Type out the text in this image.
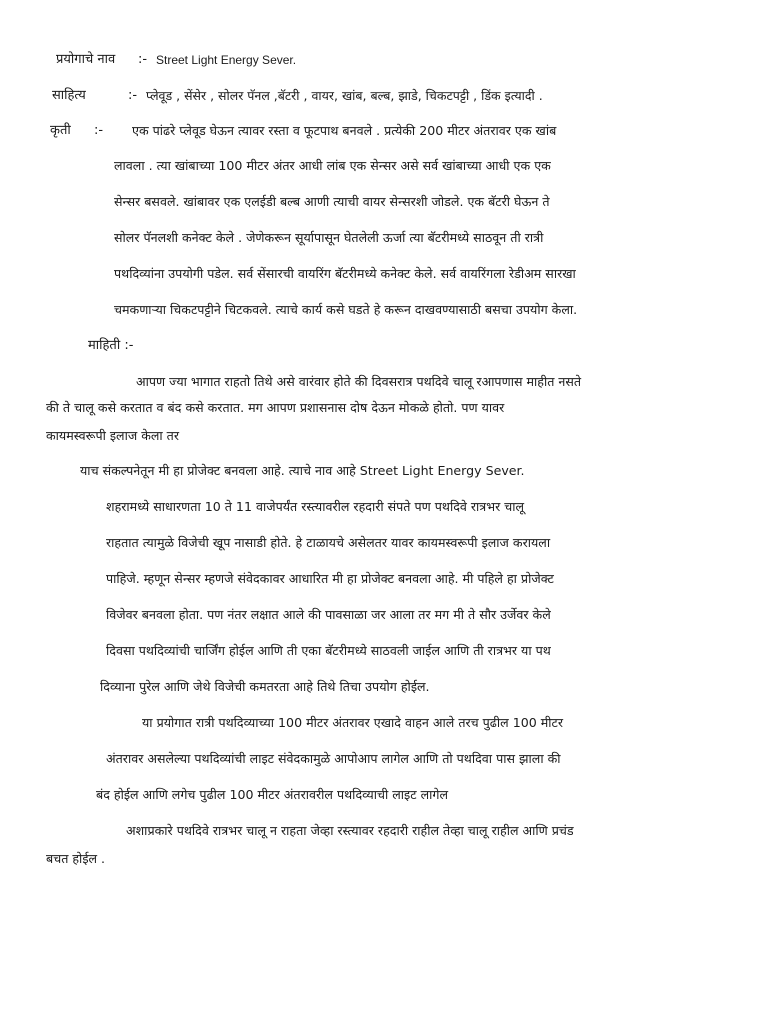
प्रयोगाचे नाव :- Street Light Energy Sever.
साहित्य	:- प्लेवूड , सेंसेर , सोलर पॅनल ,बॅटरी , वायर, खांब, बल्ब, झाडे, चिकटपट्टी , डिंक इत्यादी .
कृती :- एक पांढरे प्लेवूड घेऊन त्यावर रस्ता व फूटपाथ बनवले . प्रत्येकी 200 मीटर अंतरावर एक खांब

लावला . त्या खांबाच्या 100 मीटर अंतर आधी लांब एक सेन्सर असे सर्व खांबाच्या आधी एक एक

सेन्सर बसवले. खांबावर एक एलईडी बल्ब आणी त्याची वायर सेन्सरशी जोडले. एक बॅटरी घेऊन ते

सोलर पॅनलशी कनेक्ट केले . जेणेकरून सूर्यापासून घेतलेली ऊर्जा त्या बॅटरीमध्ये साठवून ती रात्री

पथदिव्यांना उपयोगी पडेल. सर्व सेंसारची वायरिंग बॅटरीमध्ये कनेक्ट केले. सर्व वायरिंगला रेडीअम सारखा

चमकणाऱ्या चिकटपट्टीने चिटकवले. त्याचे कार्य कसे घडते हे करून दाखवण्यासाठी बसचा उपयोग केला.

माहिती :-

आपण ज्या भागात राहतो तिथे असे वारंवार होते की दिवसरात्र पथदिवे चालू रआपणास माहीत नसते

की ते चालू कसे करतात व बंद कसे करतात. मग आपण प्रशासनास दोष देऊन मोकळे होतो. पण यावर

कायमस्वरूपी इलाज केला तर

याच संकल्पनेतून मी हा प्रोजेक्ट बनवला आहे. त्याचे नाव आहे Street Light Energy Sever.

शहरामध्ये साधारणता 10 ते 11 वाजेपर्यंत रस्त्यावरील रहदारी संपते पण पथदिवे रात्रभर चालू

राहतात त्यामुळे विजेची खूप नासाडी होते. हे टाळायचे असेलतर यावर कायमस्वरूपी इलाज करायला

पाहिजे. म्हणून सेन्सर म्हणजे संवेदकावर आधारित मी हा प्रोजेक्ट बनवला आहे. मी पहिले हा प्रोजेक्ट

विजेवर बनवला होता. पण नंतर लक्षात आले की पावसाळा जर आला तर मग मी ते सौर उर्जेवर केले

दिवसा पथदिव्यांची चार्जिंग होईल आणि ती एका बॅटरीमध्ये साठवली जाईल आणि ती रात्रभर या पथ

दिव्याना पुरेल आणि जेथे विजेची कमतरता आहे तिथे तिचा उपयोग होईल.

या प्रयोगात रात्री पथदिव्याच्या 100 मीटर अंतरावर एखादे वाहन आले तरच पुढील 100 मीटर

अंतरावर असलेल्या पथदिव्यांची लाइट संवेदकामुळे आपोआप लागेल आणि तो पथदिवा पास झाला की

बंद होईल आणि लगेच पुढील 100 मीटर अंतरावरील पथदिव्याची लाइट लागेल

अशाप्रकारे पथदिवे रात्रभर चालू न राहता जेव्हा रस्त्यावर रहदारी राहील तेव्हा चालू राहील आणि प्रचंड

बचत होईल .
